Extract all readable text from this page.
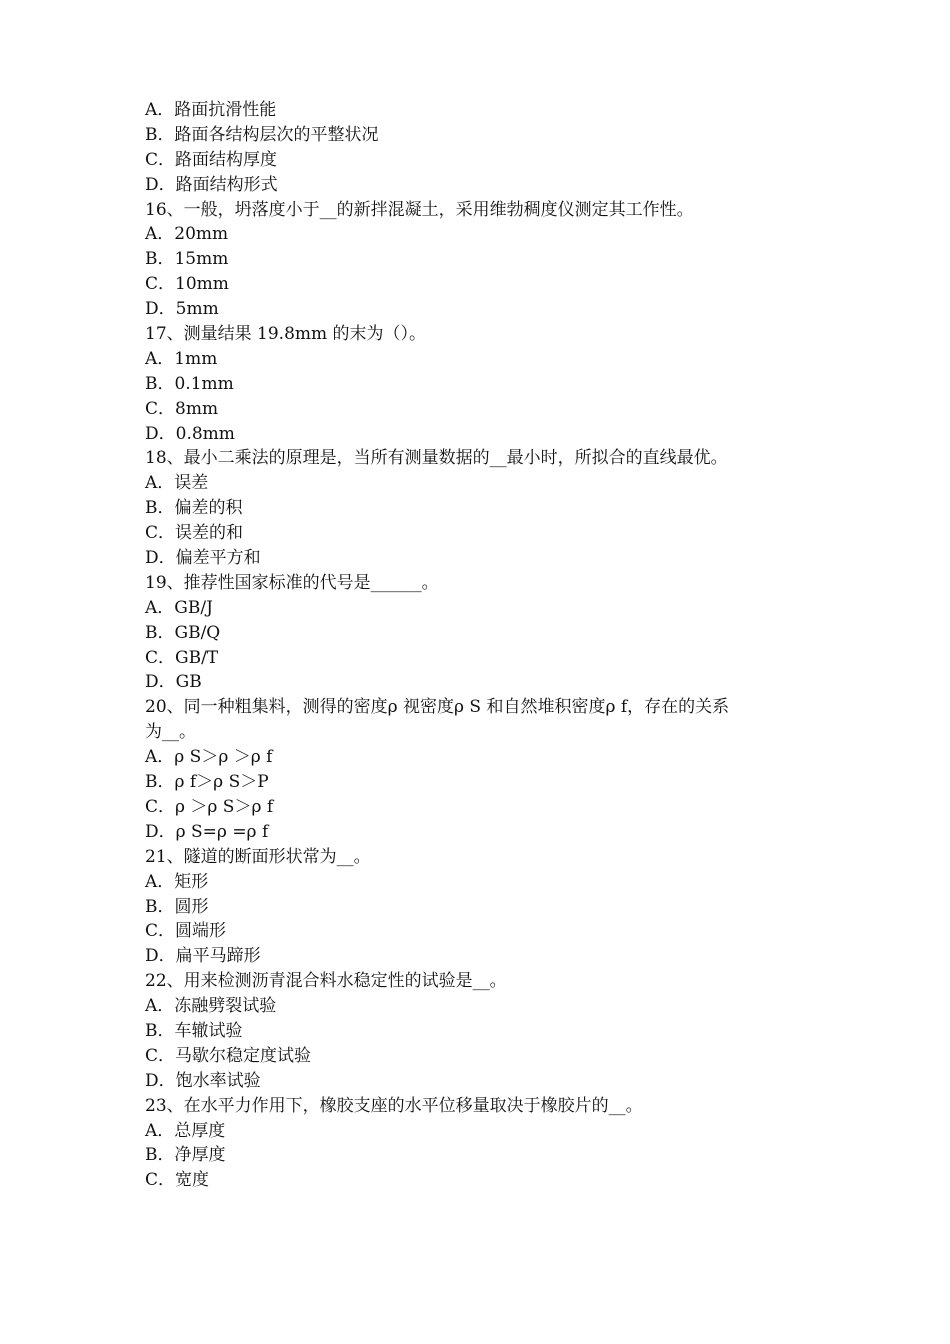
A．路面抗滑性能
B．路面各结构层次的平整状况
C．路面结构厚度
D．路面结构形式
16、一般，坍落度小于__的新拌混凝土，采用维勃稠度仪测定其工作性。
A．20mm
B．15mm
C．10mm
D．5mm
17、测量结果 19.8mm 的末为（）。
A．1mm
B．0.1mm
C．8mm
D．0.8mm
18、最小二乘法的原理是，当所有测量数据的__最小时，所拟合的直线最优。
A．误差
B．偏差的积
C．误差的和
D．偏差平方和
19、推荐性国家标准的代号是______。
A．GB/J
B．GB/Q
C．GB/T
D．GB
20、同一种粗集料，测得的密度ρ 视密度ρ S 和自然堆积密度ρ f，存在的关系
为__。
A．ρ S＞ρ ＞ρ f
B．ρ f＞ρ S＞P
C．ρ ＞ρ S＞ρ f
D．ρ S=ρ =ρ f
21、隧道的断面形状常为__。
A．矩形
B．圆形
C．圆端形
D．扁平马蹄形
22、用来检测沥青混合料水稳定性的试验是__。
A．冻融劈裂试验
B．车辙试验
C．马歇尔稳定度试验
D．饱水率试验
23、在水平力作用下，橡胶支座的水平位移量取决于橡胶片的__。
A．总厚度
B．净厚度
C．宽度
